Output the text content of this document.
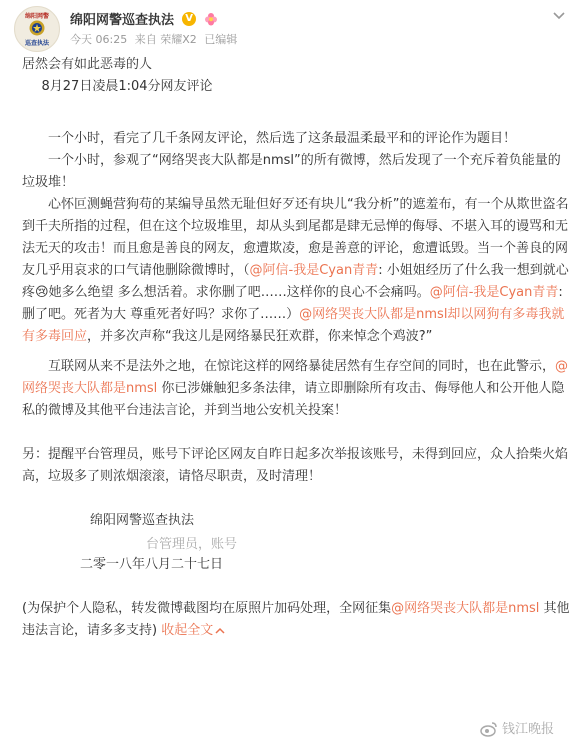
绵阳网警
巡查执法
绵阳网警巡查执法 V
今天 06:25 来自 荣耀X2 已编辑

居然会有如此恶毒的人

8月27日凌晨1:04分网友评论

一个小时，看完了几千条网友评论，然后选了这条最温柔最平和的评论作为题目！

一个小时，参观了“网络哭丧大队都是nmsl”的所有微博，然后发现了一个充斥着负能量的垃圾堆！

心怀叵测蝇营狗苟的某编导虽然无耻但好歹还有块儿“我分析”的遮羞布，有一个从欺世盗名到千夫所指的过程，但在这个垃圾堆里，却从头到尾都是肆无忌惮的侮辱、不堪入耳的谩骂和无法无天的攻击！而且愈是善良的网友，愈遭欺凌，愈是善意的评论，愈遭诋毁。当一个善良的网友几乎用哀求的口气请他删除微博时，（@阿信-我是Cyan青青: 小姐姐经历了什么我一想到就心疼😢她多么绝望 多么想活着。求你删了吧……这样你的良心不会痛吗。@阿信-我是Cyan青青: 删了吧。死者为大 尊重死者好吗？求你了……）@网络哭丧大队都是nmsl却以网狗有多毒我就有多毒回应，并多次声称“我这儿是网络暴民狂欢群，你来悼念个鸡波?”

互联网从来不是法外之地，在惊诧这样的网络暴徒居然有生存空间的同时，也在此警示，@网络哭丧大队都是nmsl 你已涉嫌触犯多条法律，请立即删除所有攻击、侮辱他人和公开他人隐私的微博及其他平台违法言论，并到当地公安机关投案！

另：提醒平台管理员，账号下评论区网友自昨日起多次举报该账号，未得到回应，众人拾柴火焰高，垃圾多了则浓烟滚滚，请恪尽职责，及时清理！

绵阳网警巡查执法

二零一八年八月二十七日

(为保护个人隐私，转发微博截图均在原照片加码处理，全网征集@网络哭丧大队都是nmsl 其他违法言论，请多多支持) 收起全文

台管理员，账号
钱江晚报
